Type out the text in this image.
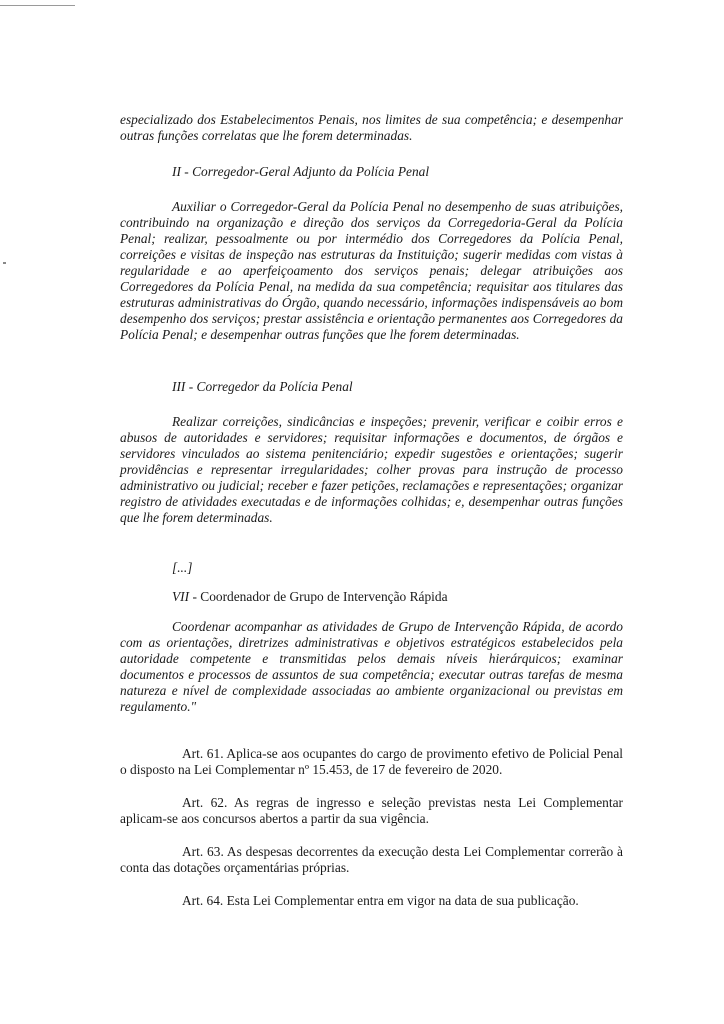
especializado dos Estabelecimentos Penais, nos limites de sua competência; e desempenhar outras funções correlatas que lhe forem determinadas.

II - Corregedor-Geral Adjunto da Polícia Penal

Auxiliar o Corregedor-Geral da Polícia Penal no desempenho de suas atribuições, contribuindo na organização e direção dos serviços da Corregedoria-Geral da Polícia Penal; realizar, pessoalmente ou por intermédio dos Corregedores da Polícia Penal, correições e visitas de inspeção nas estruturas da Instituição; sugerir medidas com vistas à regularidade e ao aperfeiçoamento dos serviços penais; delegar atribuições aos Corregedores da Polícia Penal, na medida da sua competência; requisitar aos titulares das estruturas administrativas do Órgão, quando necessário, informações indispensáveis ao bom desempenho dos serviços; prestar assistência e orientação permanentes aos Corregedores da Polícia Penal; e desempenhar outras funções que lhe forem determinadas.

III - Corregedor da Polícia Penal

Realizar correições, sindicâncias e inspeções; prevenir, verificar e coibir erros e abusos de autoridades e servidores; requisitar informações e documentos, de órgãos e servidores vinculados ao sistema penitenciário; expedir sugestões e orientações; sugerir providências e representar irregularidades; colher provas para instrução de processo administrativo ou judicial; receber e fazer petições, reclamações e representações; organizar registro de atividades executadas e de informações colhidas; e, desempenhar outras funções que lhe forem determinadas.

[...]

VII - Coordenador de Grupo de Intervenção Rápida

Coordenar acompanhar as atividades de Grupo de Intervenção Rápida, de acordo com as orientações, diretrizes administrativas e objetivos estratégicos estabelecidos pela autoridade competente e transmitidas pelos demais níveis hierárquicos; examinar documentos e processos de assuntos de sua competência; executar outras tarefas de mesma natureza e nível de complexidade associadas ao ambiente organizacional ou previstas em regulamento."

Art. 61. Aplica-se aos ocupantes do cargo de provimento efetivo de Policial Penal o disposto na Lei Complementar nº 15.453, de 17 de fevereiro de 2020.

Art. 62. As regras de ingresso e seleção previstas nesta Lei Complementar aplicam-se aos concursos abertos a partir da sua vigência.

Art. 63. As despesas decorrentes da execução desta Lei Complementar correrão à conta das dotações orçamentárias próprias.

Art. 64. Esta Lei Complementar entra em vigor na data de sua publicação.
